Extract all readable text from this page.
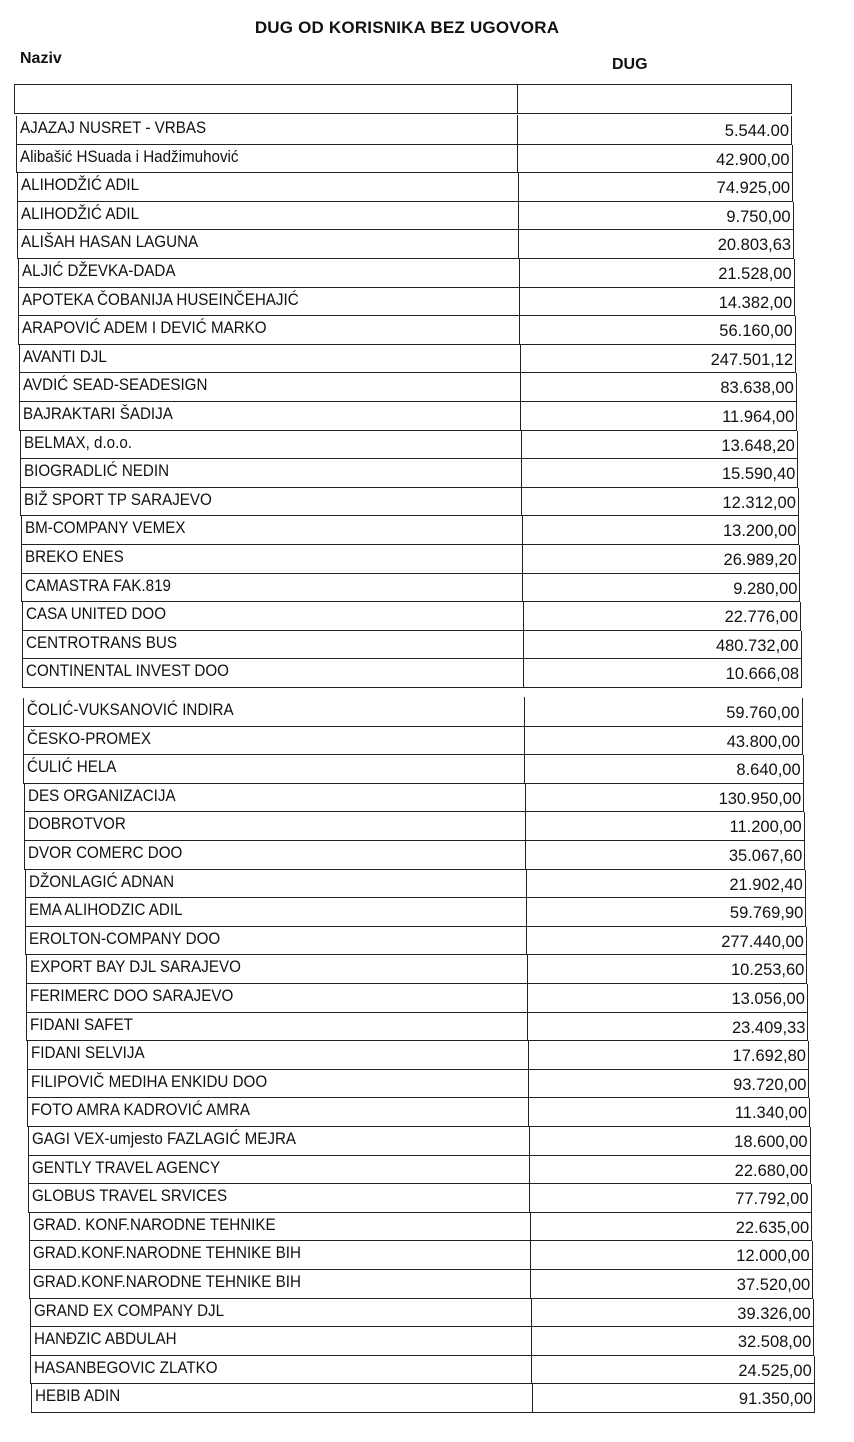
DUG OD KORISNIKA BEZ UGOVORA
Naziv	DUG
AJAZAJ NUSRET - VRBAS	5.544.00
Alibašić HSuada i Hadžimuhović	42.900,00
ALIHODŽIĆ ADIL	74.925,00
ALIHODŽIĆ ADIL	9.750,00
ALIŠAH HASAN LAGUNA	20.803,63
ALJIĆ DŽEVKA-DADA	21.528,00
APOTEKA ČOBANIJA HUSEINČEHAJIĆ	14.382,00
ARAPOVIĆ ADEM I DEVIĆ MARKO	56.160,00
AVANTI DJL	247.501,12
AVDIĆ SEAD-SEADESIGN	83.638,00
BAJRAKTARI ŠADIJA	11.964,00
BELMAX, d.o.o.	13.648,20
BIOGRADLIĆ NEDIN	15.590,40
BIŽ SPORT TP SARAJEVO	12.312,00
BM-COMPANY VEMEX	13.200,00
BREKO ENES	26.989,20
CAMASTRA FAK.819	9.280,00
CASA UNITED DOO	22.776,00
CENTROTRANS BUS	480.732,00
CONTINENTAL INVEST DOO	10.666,08
ČOLIĆ-VUKSANOVIĆ INDIRA	59.760,00
ČESKO-PROMEX	43.800,00
ĆULIĆ HELA	8.640,00
DES ORGANIZACIJA	130.950,00
DOBROTVOR	11.200,00
DVOR COMERC DOO	35.067,60
DŽONLAGIĆ ADNAN	21.902,40
EMA ALIHODZIC ADIL	59.769,90
EROLTON-COMPANY DOO	277.440,00
EXPORT BAY DJL SARAJEVO	10.253,60
FERIMERC DOO SARAJEVO	13.056,00
FIDANI SAFET	23.409,33
FIDANI SELVIJA	17.692,80
FILIPOVIČ MEDIHA ENKIDU DOO	93.720,00
FOTO AMRA KADROVIĆ AMRA	11.340,00
GAGI VEX-umjesto FAZLAGIĆ MEJRA	18.600,00
GENTLY TRAVEL AGENCY	22.680,00
GLOBUS TRAVEL SRVICES	77.792,00
GRAD. KONF.NARODNE TEHNIKE	22.635,00
GRAD.KONF.NARODNE TEHNIKE BIH	12.000,00
GRAD.KONF.NARODNE TEHNIKE BIH	37.520,00
GRAND EX COMPANY DJL	39.326,00
HANĐZIC ABDULAH	32.508,00
HASANBEGOVIC ZLATKO	24.525,00
HEBIB ADIN	91.350,00
